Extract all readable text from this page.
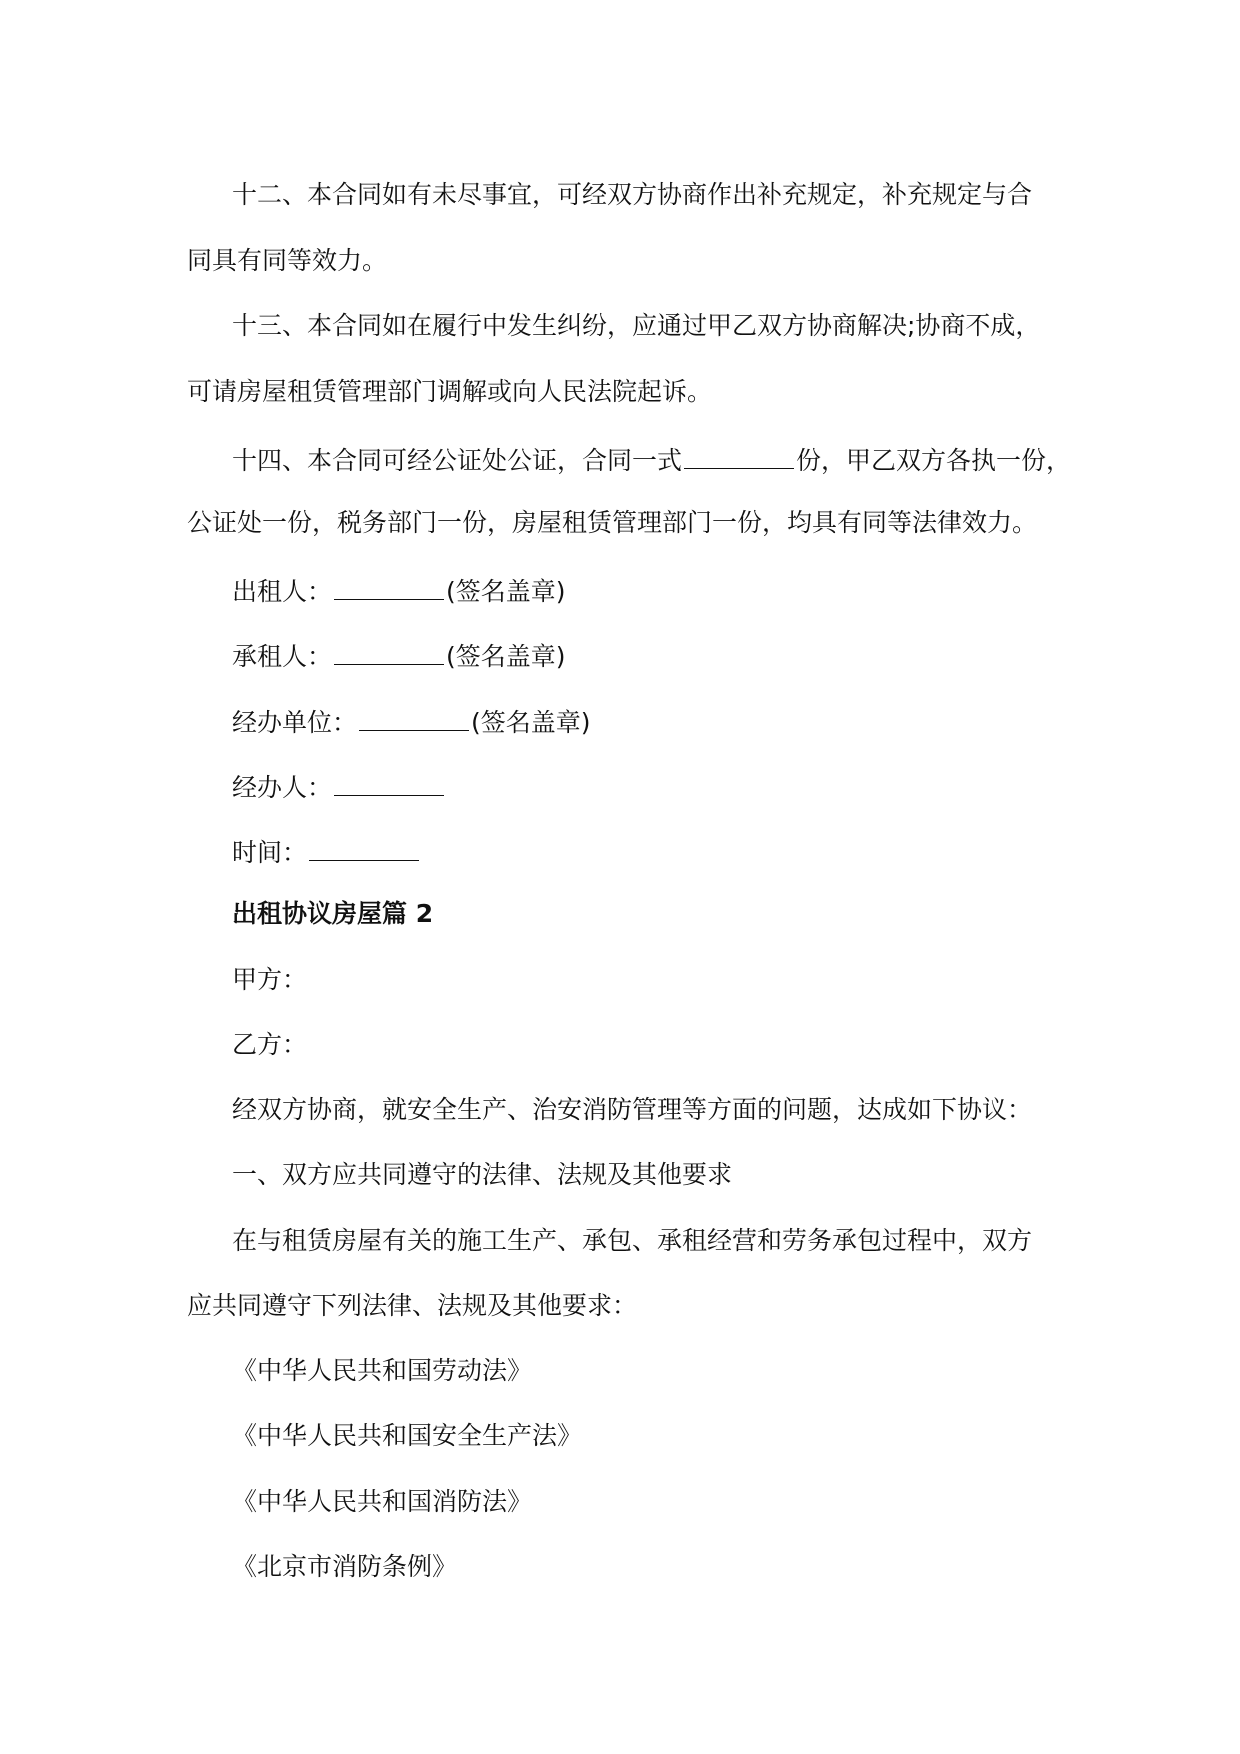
十二、本合同如有未尽事宜，可经双方协商作出补充规定，补充规定与合
同具有同等效力。
十三、本合同如在履行中发生纠纷，应通过甲乙双方协商解决;协商不成，
可请房屋租赁管理部门调解或向人民法院起诉。
十四、本合同可经公证处公证，合同一式	份，甲乙双方各执一份，
公证处一份，税务部门一份，房屋租赁管理部门一份，均具有同等法律效力。
出租人：	(签名盖章)
承租人：	(签名盖章)
经办单位：	(签名盖章)
经办人：
时间：
出租协议房屋篇 2
甲方：
乙方：
经双方协商，就安全生产、治安消防管理等方面的问题，达成如下协议：
一、双方应共同遵守的法律、法规及其他要求
在与租赁房屋有关的施工生产、承包、承租经营和劳务承包过程中，双方
应共同遵守下列法律、法规及其他要求：
《中华人民共和国劳动法》
《中华人民共和国安全生产法》
《中华人民共和国消防法》
《北京市消防条例》
